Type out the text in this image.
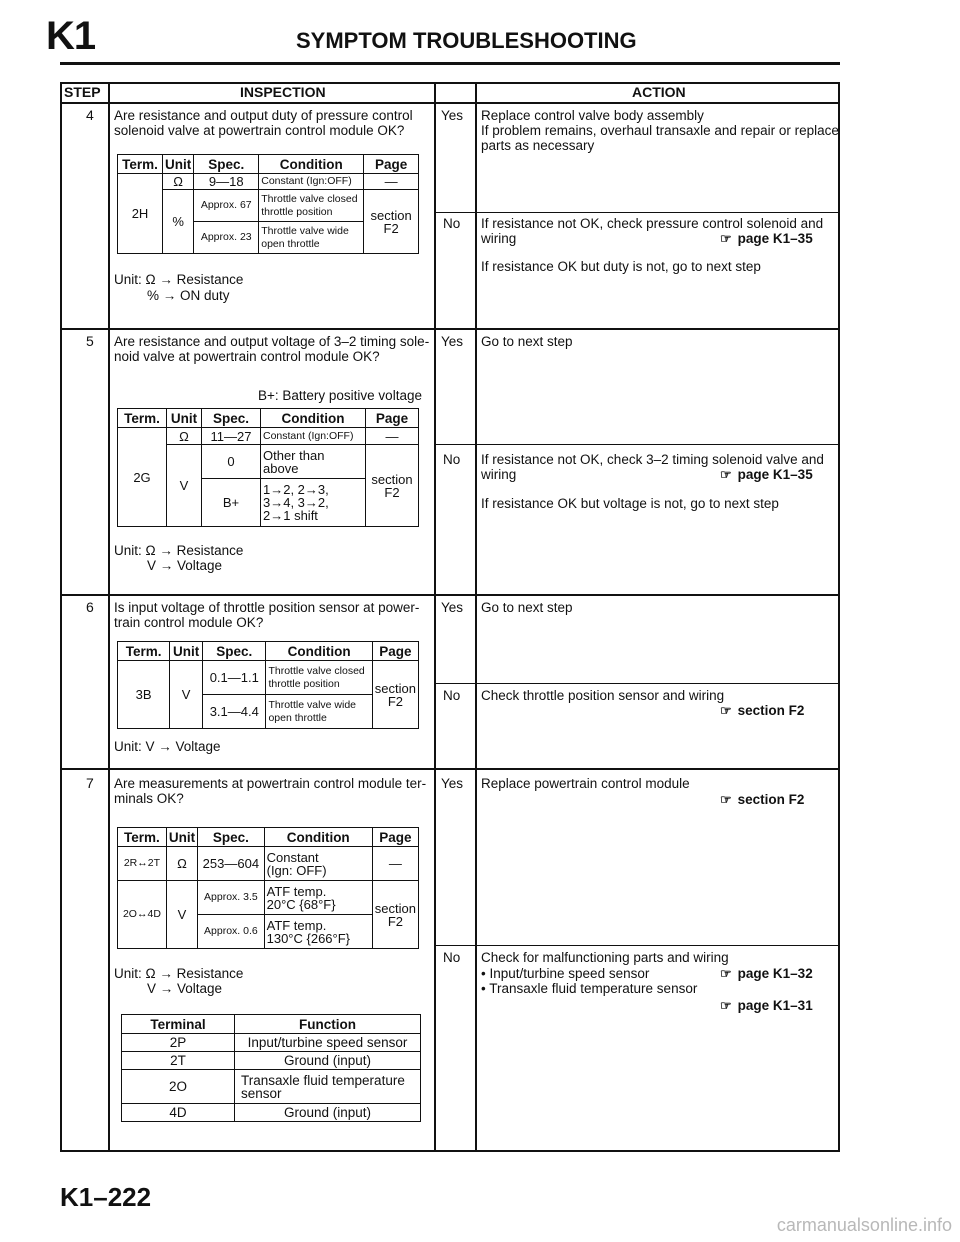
K1	SYMPTOM TROUBLESHOOTING
STEP	INSPECTION	ACTION
4 Are resistance and output duty of pressure control
solenoid valve at powertrain control module OK?
Term.	Unit	Spec.	Condition	Page
2H	Ω	9—18	Constant (Ign:OFF)	—
	%	Approx. 67	Throttle valve closed
throttle position	section
F2
		Approx. 23	Throttle valve wide
open throttle	
Unit: Ω → Resistance
% → ON duty
Yes Replace control valve body assembly
If problem remains, overhaul transaxle and repair or replace
parts as necessary
No If resistance not OK, check pressure control solenoid and
wiring	☞ page K1–35
If resistance OK but duty is not, go to next step
5 Are resistance and output voltage of 3–2 timing sole-
noid valve at powertrain control module OK?
B+: Battery positive voltage
Term.	Unit	Spec.	Condition	Page
2G	Ω	11—27	Constant (Ign:OFF)	—
	V	0	Other than
above	section
F2
		B+	1→2, 2→3,
3→4, 3→2,
2→1 shift	
Unit: Ω → Resistance
V → Voltage
Yes Go to next step
No If resistance not OK, check 3–2 timing solenoid valve and
wiring	☞ page K1–35
If resistance OK but voltage is not, go to next step
6 Is input voltage of throttle position sensor at power-
train control module OK?
Term.	Unit	Spec.	Condition	Page
3B	V	0.1—1.1	Throttle valve closed
throttle position	section
F2
		3.1—4.4	Throttle valve wide
open throttle	
Unit: V → Voltage
Yes Go to next step
No Check throttle position sensor and wiring
☞ section F2
7 Are measurements at powertrain control module ter-
minals OK?
Term.	Unit	Spec.	Condition	Page
2R↔2T	Ω	253—604	Constant
(Ign: OFF)	—
2O↔4D	V	Approx. 3.5	ATF temp.
20°C {68°F}	section
F2
		Approx. 0.6	ATF temp.
130°C {266°F}	
Unit: Ω → Resistance
V → Voltage
Terminal	Function
2P	Input/turbine speed sensor
2T	Ground (input)
2O	Transaxle fluid temperature sensor
4D	Ground (input)
Yes Replace powertrain control module
☞ section F2
No Check for malfunctioning parts and wiring
• Input/turbine speed sensor	☞ page K1–32
• Transaxle fluid temperature sensor
☞ page K1–31
K1–222
carmanualsonline.info
